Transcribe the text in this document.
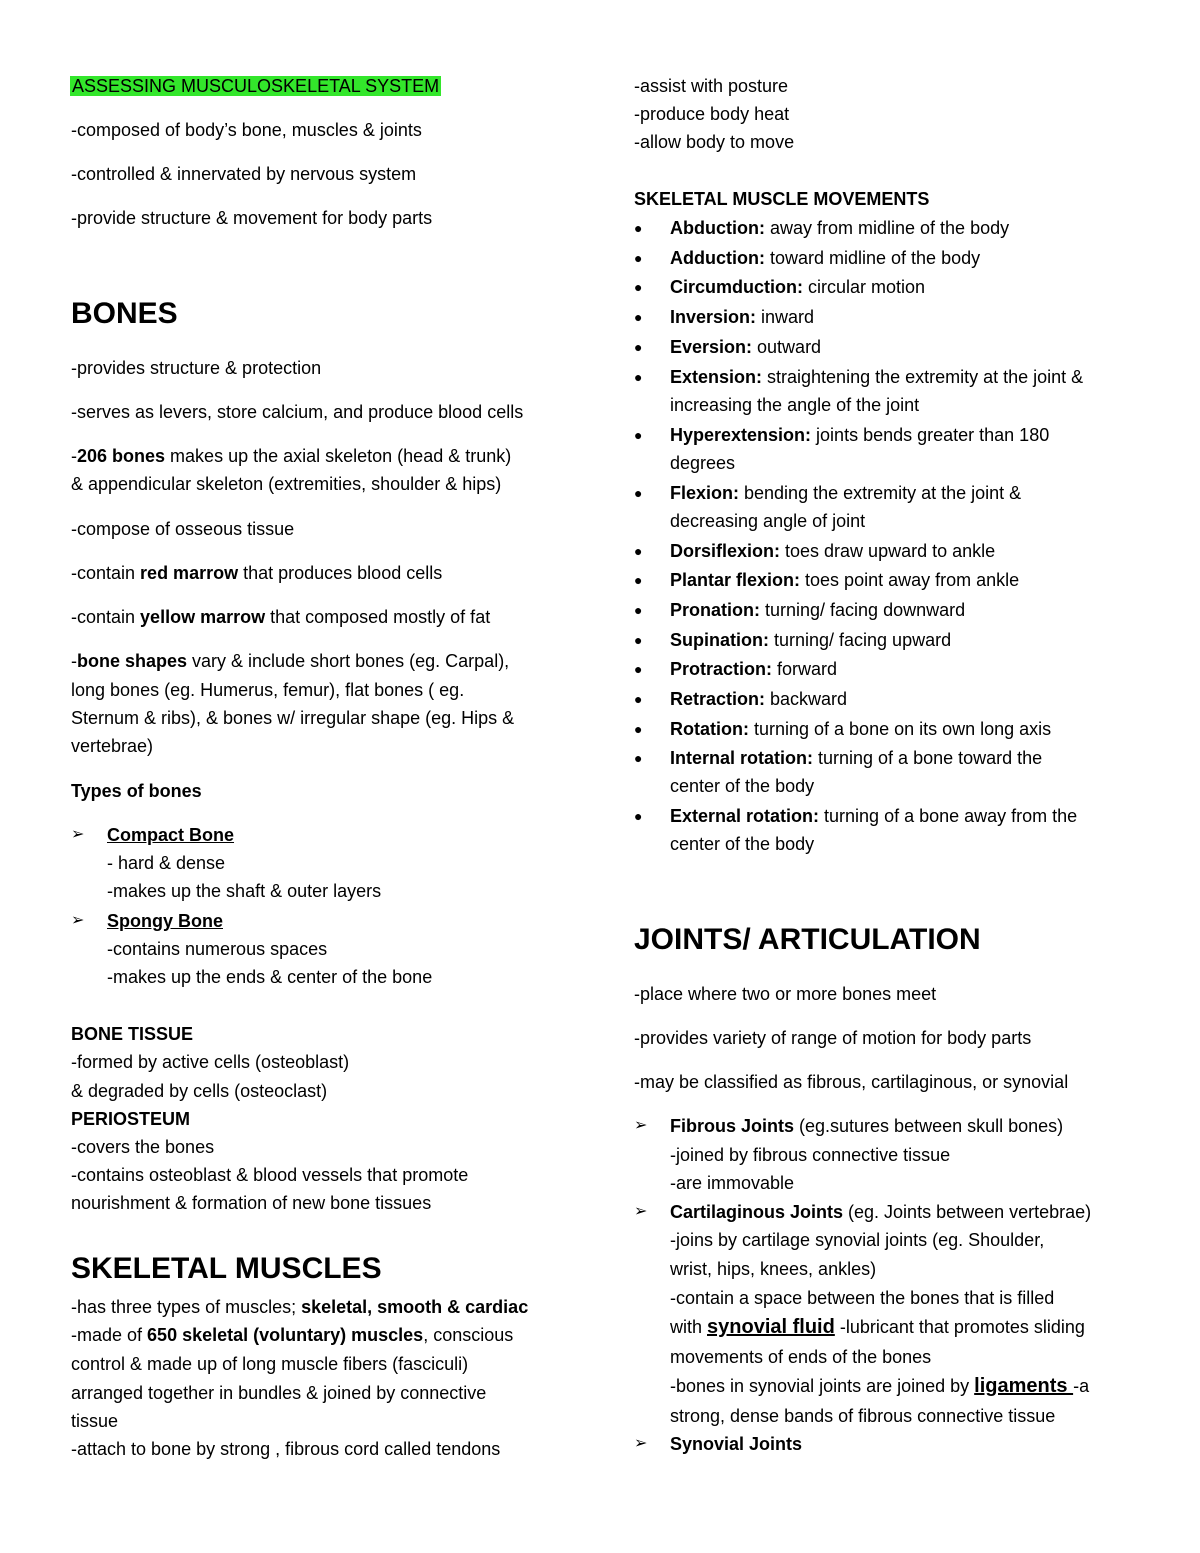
ASSESSING MUSCULOSKELETAL SYSTEM
-composed of body’s bone, muscles & joints
-controlled & innervated by nervous system
-provide structure & movement for body parts
BONES
-provides structure & protection
-serves as levers, store calcium, and produce blood cells
-206 bones makes up the axial skeleton (head & trunk)
& appendicular skeleton (extremities, shoulder & hips)
-compose of osseous tissue
-contain red marrow that produces blood cells
-contain yellow marrow that composed mostly of fat
-bone shapes vary & include short bones (eg. Carpal),
long bones (eg. Humerus, femur), flat bones ( eg.
Sternum & ribs), & bones w/ irregular shape (eg. Hips &
vertebrae)
Types of bones
➢ Compact Bone
- hard & dense
-makes up the shaft & outer layers
➢ Spongy Bone
-contains numerous spaces
-makes up the ends & center of the bone
BONE TISSUE
-formed by active cells (osteoblast)
& degraded by cells (osteoclast)
PERIOSTEUM
-covers the bones
-contains osteoblast & blood vessels that promote
nourishment & formation of new bone tissues
SKELETAL MUSCLES
-has three types of muscles; skeletal, smooth & cardiac
-made of 650 skeletal (voluntary) muscles, conscious
control & made up of long muscle fibers (fasciculi)
arranged together in bundles & joined by connective
tissue
-attach to bone by strong , fibrous cord called tendons
-assist with posture
-produce body heat
-allow body to move
SKELETAL MUSCLE MOVEMENTS
● Abduction: away from midline of the body
● Adduction: toward midline of the body
● Circumduction: circular motion
● Inversion: inward
● Eversion: outward
● Extension: straightening the extremity at the joint &
increasing the angle of the joint
● Hyperextension: joints bends greater than 180
degrees
● Flexion: bending the extremity at the joint &
decreasing angle of joint
● Dorsiflexion: toes draw upward to ankle
● Plantar flexion: toes point away from ankle
● Pronation: turning/ facing downward
● Supination: turning/ facing upward
● Protraction: forward
● Retraction: backward
● Rotation: turning of a bone on its own long axis
● Internal rotation: turning of a bone toward the
center of the body
● External rotation: turning of a bone away from the
center of the body
JOINTS/ ARTICULATION
-place where two or more bones meet
-provides variety of range of motion for body parts
-may be classified as fibrous, cartilaginous, or synovial
➢ Fibrous Joints (eg.sutures between skull bones)
-joined by fibrous connective tissue
-are immovable
➢ Cartilaginous Joints (eg. Joints between vertebrae)
-joins by cartilage synovial joints (eg. Shoulder,
wrist, hips, knees, ankles)
-contain a space between the bones that is filled
with synovial fluid -lubricant that promotes sliding
movements of ends of the bones
-bones in synovial joints are joined by ligaments -a
strong, dense bands of fibrous connective tissue
➢ Synovial Joints
